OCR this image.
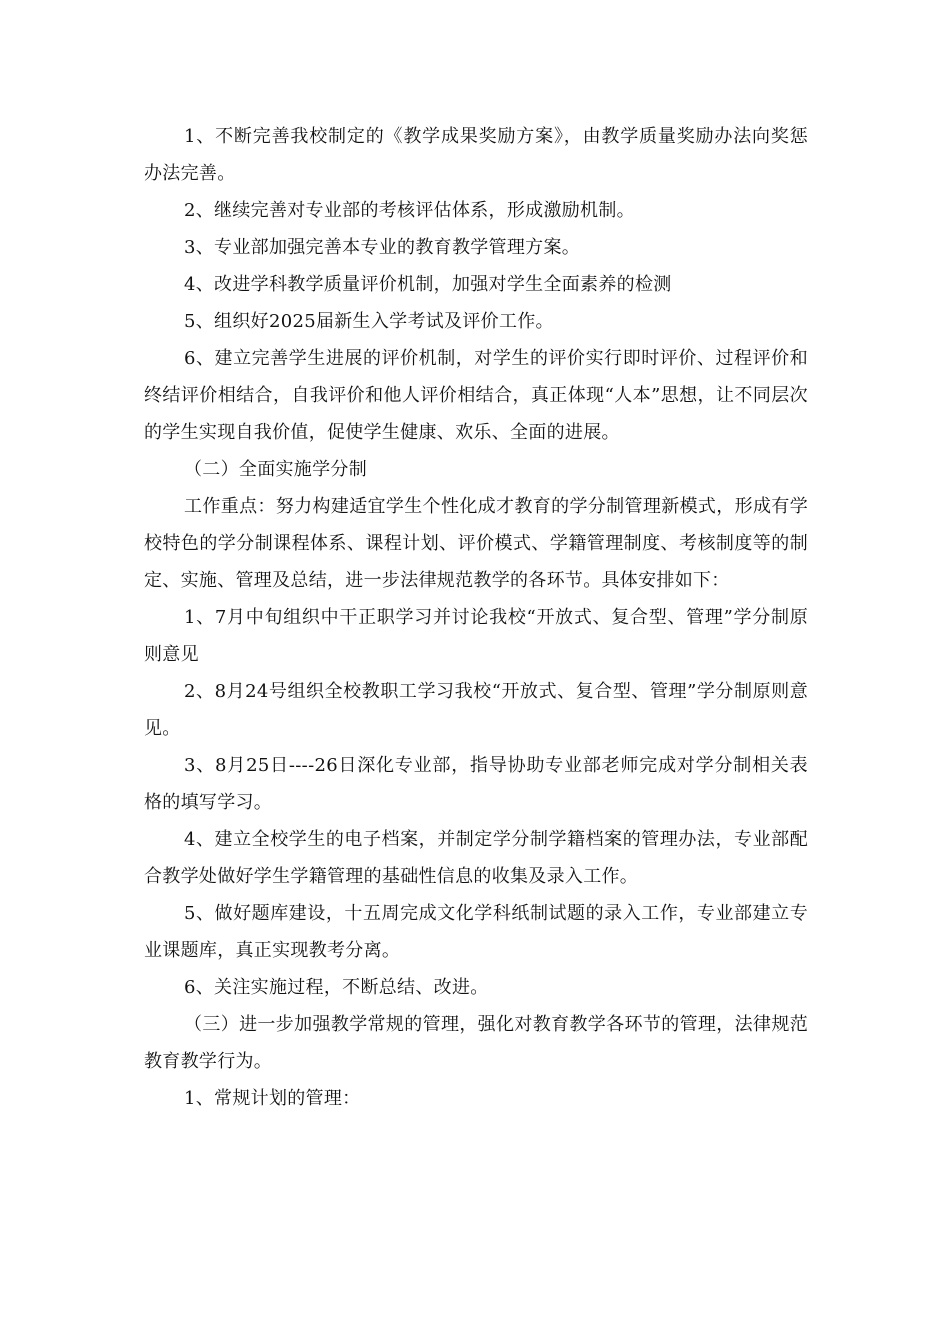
1、不断完善我校制定的《教学成果奖励方案》，由教学质量奖励办法向奖惩办法完善。

2、继续完善对专业部的考核评估体系，形成激励机制。

3、专业部加强完善本专业的教育教学管理方案。

4、改进学科教学质量评价机制，加强对学生全面素养的检测

5、组织好2025届新生入学考试及评价工作。

6、建立完善学生进展的评价机制，对学生的评价实行即时评价、过程评价和终结评价相结合，自我评价和他人评价相结合，真正体现“人本”思想，让不同层次的学生实现自我价值，促使学生健康、欢乐、全面的进展。

（二）全面实施学分制

工作重点：努力构建适宜学生个性化成才教育的学分制管理新模式，形成有学校特色的学分制课程体系、课程计划、评价模式、学籍管理制度、考核制度等的制定、实施、管理及总结，进一步法律规范教学的各环节。具体安排如下：

1、7月中旬组织中干正职学习并讨论我校“开放式、复合型、管理”学分制原则意见

2、8月24号组织全校教职工学习我校“开放式、复合型、管理”学分制原则意见。

3、8月25日----26日深化专业部，指导协助专业部老师完成对学分制相关表格的填写学习。

4、建立全校学生的电子档案，并制定学分制学籍档案的管理办法，专业部配合教学处做好学生学籍管理的基础性信息的收集及录入工作。

5、做好题库建设，十五周完成文化学科纸制试题的录入工作，专业部建立专业课题库，真正实现教考分离。

6、关注实施过程，不断总结、改进。

（三）进一步加强教学常规的管理，强化对教育教学各环节的管理，法律规范教育教学行为。

1、常规计划的管理：
